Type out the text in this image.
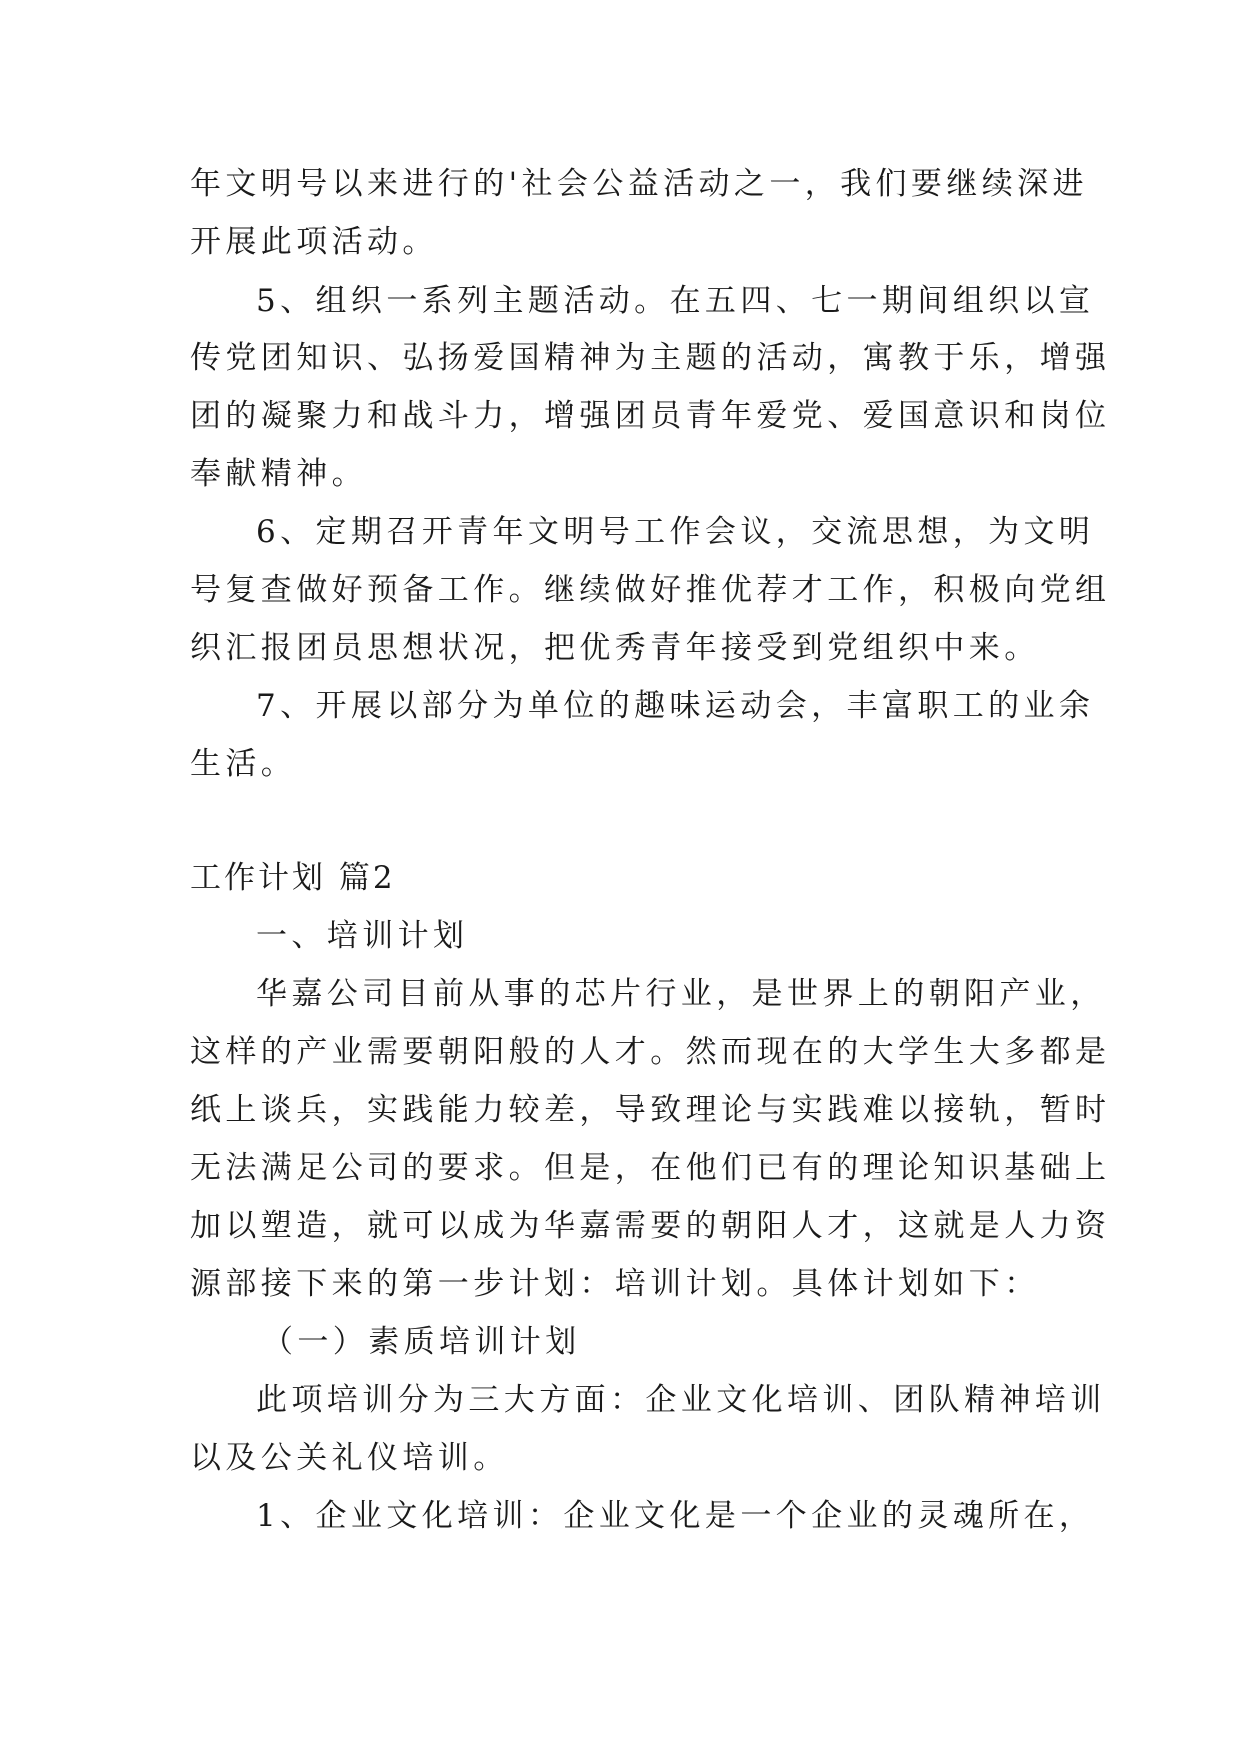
年文明号以来进行的'社会公益活动之一，我们要继续深进
开展此项活动。
5、组织一系列主题活动。在五四、七一期间组织以宣
传党团知识、弘扬爱国精神为主题的活动，寓教于乐，增强
团的凝聚力和战斗力，增强团员青年爱党、爱国意识和岗位
奉献精神。
6、定期召开青年文明号工作会议，交流思想，为文明
号复查做好预备工作。继续做好推优荐才工作，积极向党组
织汇报团员思想状况，把优秀青年接受到党组织中来。
7、开展以部分为单位的趣味运动会，丰富职工的业余
生活。
工作计划 篇2
一、培训计划
华嘉公司目前从事的芯片行业，是世界上的朝阳产业，
这样的产业需要朝阳般的人才。然而现在的大学生大多都是
纸上谈兵，实践能力较差，导致理论与实践难以接轨，暂时
无法满足公司的要求。但是，在他们已有的理论知识基础上
加以塑造，就可以成为华嘉需要的朝阳人才，这就是人力资
源部接下来的第一步计划：培训计划。具体计划如下：
（一）素质培训计划
此项培训分为三大方面：企业文化培训、团队精神培训
以及公关礼仪培训。
1、企业文化培训：企业文化是一个企业的灵魂所在，
